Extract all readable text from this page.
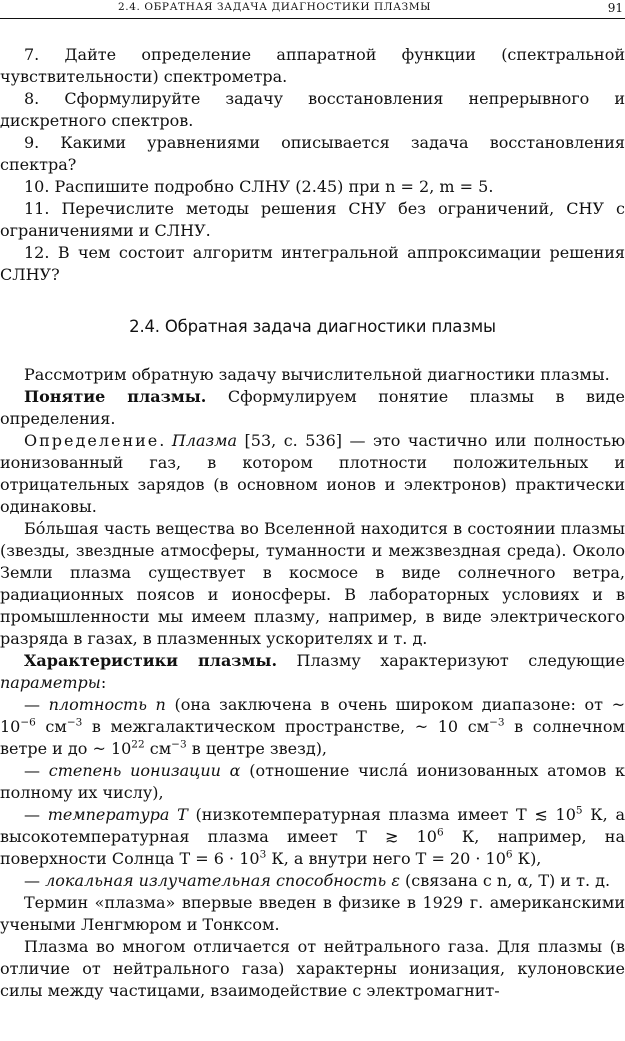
2.4. ОБРАТНАЯ ЗАДАЧА ДИАГНОСТИКИ ПЛАЗМЫ	91

7. Дайте определение аппаратной функции (спектральной чувствительности) спектрометра.

8. Сформулируйте задачу восстановления непрерывного и дискретного спектров.

9. Какими уравнениями описывается задача восстановления спектра?

10. Распишите подробно СЛНУ (2.45) при n = 2, m = 5.

11. Перечислите методы решения СНУ без ограничений, СНУ с ограничениями и СЛНУ.

12. В чем состоит алгоритм интегральной аппроксимации решения СЛНУ?

2.4. Обратная задача диагностики плазмы

Рассмотрим обратную задачу вычислительной диагностики плазмы.

Понятие плазмы. Сформулируем понятие плазмы в виде определения.

Определение. Плазма [53, с. 536] — это частично или полностью ионизованный газ, в котором плотности положительных и отрицательных зарядов (в основном ионов и электронов) практически одинаковы.

Бóльшая часть вещества во Вселенной находится в состоянии плазмы (звезды, звездные атмосферы, туманности и межзвездная среда). Около Земли плазма существует в космосе в виде солнечного ветра, радиационных поясов и ионосферы. В лабораторных условиях и в промышленности мы имеем плазму, например, в виде электрического разряда в газах, в плазменных ускорителях и т. д.

Характеристики плазмы. Плазму характеризуют следующие параметры:

— плотность n (она заключена в очень широком диапазоне: от ~ $10^{-6}$ $см^{-3}$ в межгалактическом пространстве, ~ 10 $см^{-3}$ в солнечном ветре и до ~ $10^{22}$ $см^{-3}$ в центре звезд),

— степень ионизации α (отношение числá ионизованных атомов к полному их числу),

— температура T (низкотемпературная плазма имеет T ≲ $10^5$ К, а высокотемпературная плазма имеет T ≳ $10^6$ К, например, на поверхности Солнца $T = 6 \cdot 10^3$ К, а внутри него $T = 20 \cdot 10^6$ К),

— локальная излучательная способность ε (связана с n, α, T) и т. д.

Термин «плазма» впервые введен в физике в 1929 г. американскими учеными Ленгмюром и Тонксом.

Плазма во многом отличается от нейтрального газа. Для плазмы (в отличие от нейтрального газа) характерны ионизация, кулоновские силы между частицами, взаимодействие с электромагнит-
